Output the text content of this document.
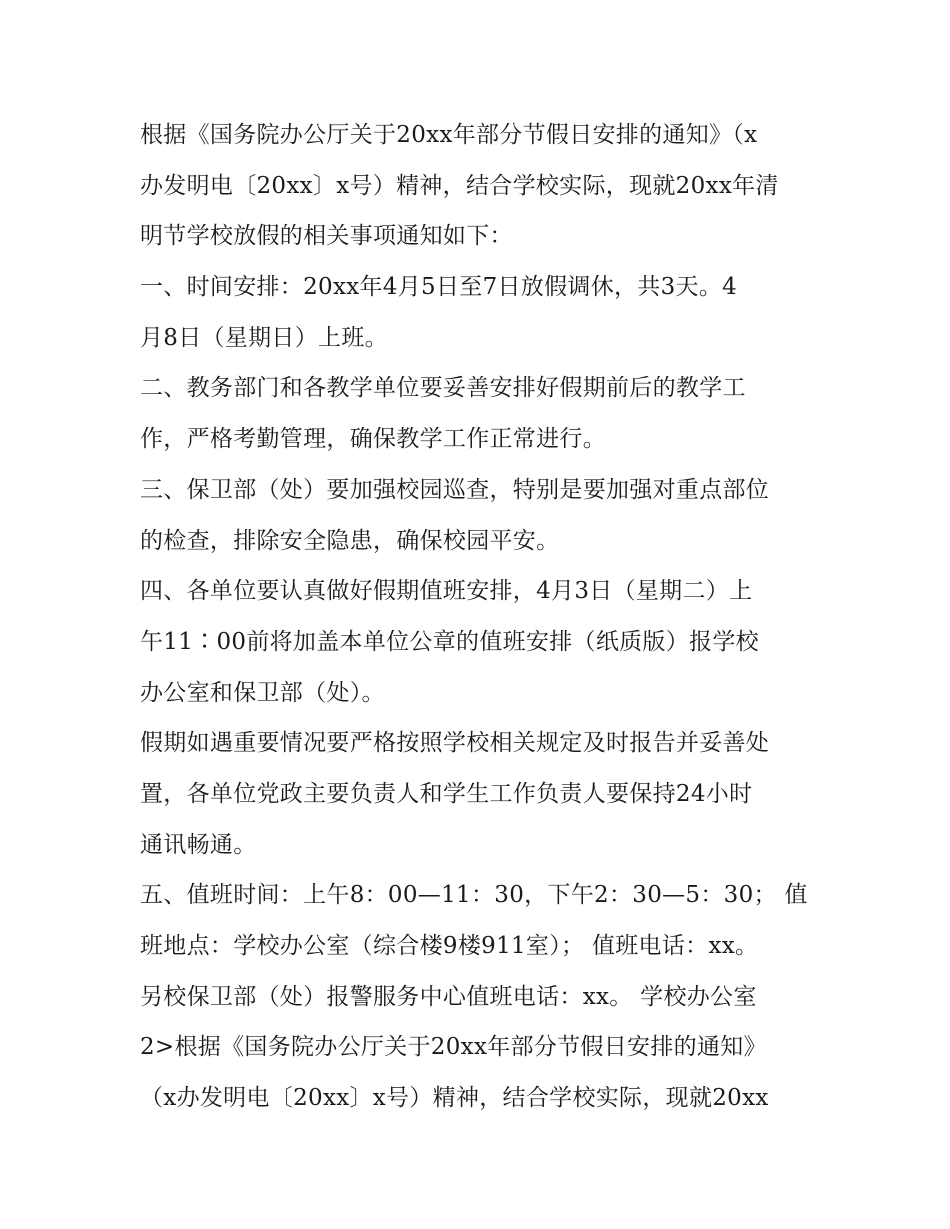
根据《国务院办公厅关于20xx年部分节假日安排的通知》（x
办发明电〔20xx〕x号）精神，结合学校实际，现就20xx年清
明节学校放假的相关事项通知如下：
一、时间安排：20xx年4月5日至7日放假调休，共3天。4
月8日（星期日）上班。
二、教务部门和各教学单位要妥善安排好假期前后的教学工
作，严格考勤管理，确保教学工作正常进行。
三、保卫部（处）要加强校园巡查，特别是要加强对重点部位
的检查，排除安全隐患，确保校园平安。
四、各单位要认真做好假期值班安排，4月3日（星期二）上
午11∶00前将加盖本单位公章的值班安排（纸质版）报学校
办公室和保卫部（处）。
假期如遇重要情况要严格按照学校相关规定及时报告并妥善处
置，各单位党政主要负责人和学生工作负责人要保持24小时
通讯畅通。
五、值班时间：上午8：00—11：30，下午2：30—5：30； 值
班地点：学校办公室（综合楼9楼911室）； 值班电话：xx。
另校保卫部（处）报警服务中心值班电话：xx。 学校办公室
2>根据《国务院办公厅关于20xx年部分节假日安排的通知》
（x办发明电〔20xx〕x号）精神，结合学校实际，现就20xx
